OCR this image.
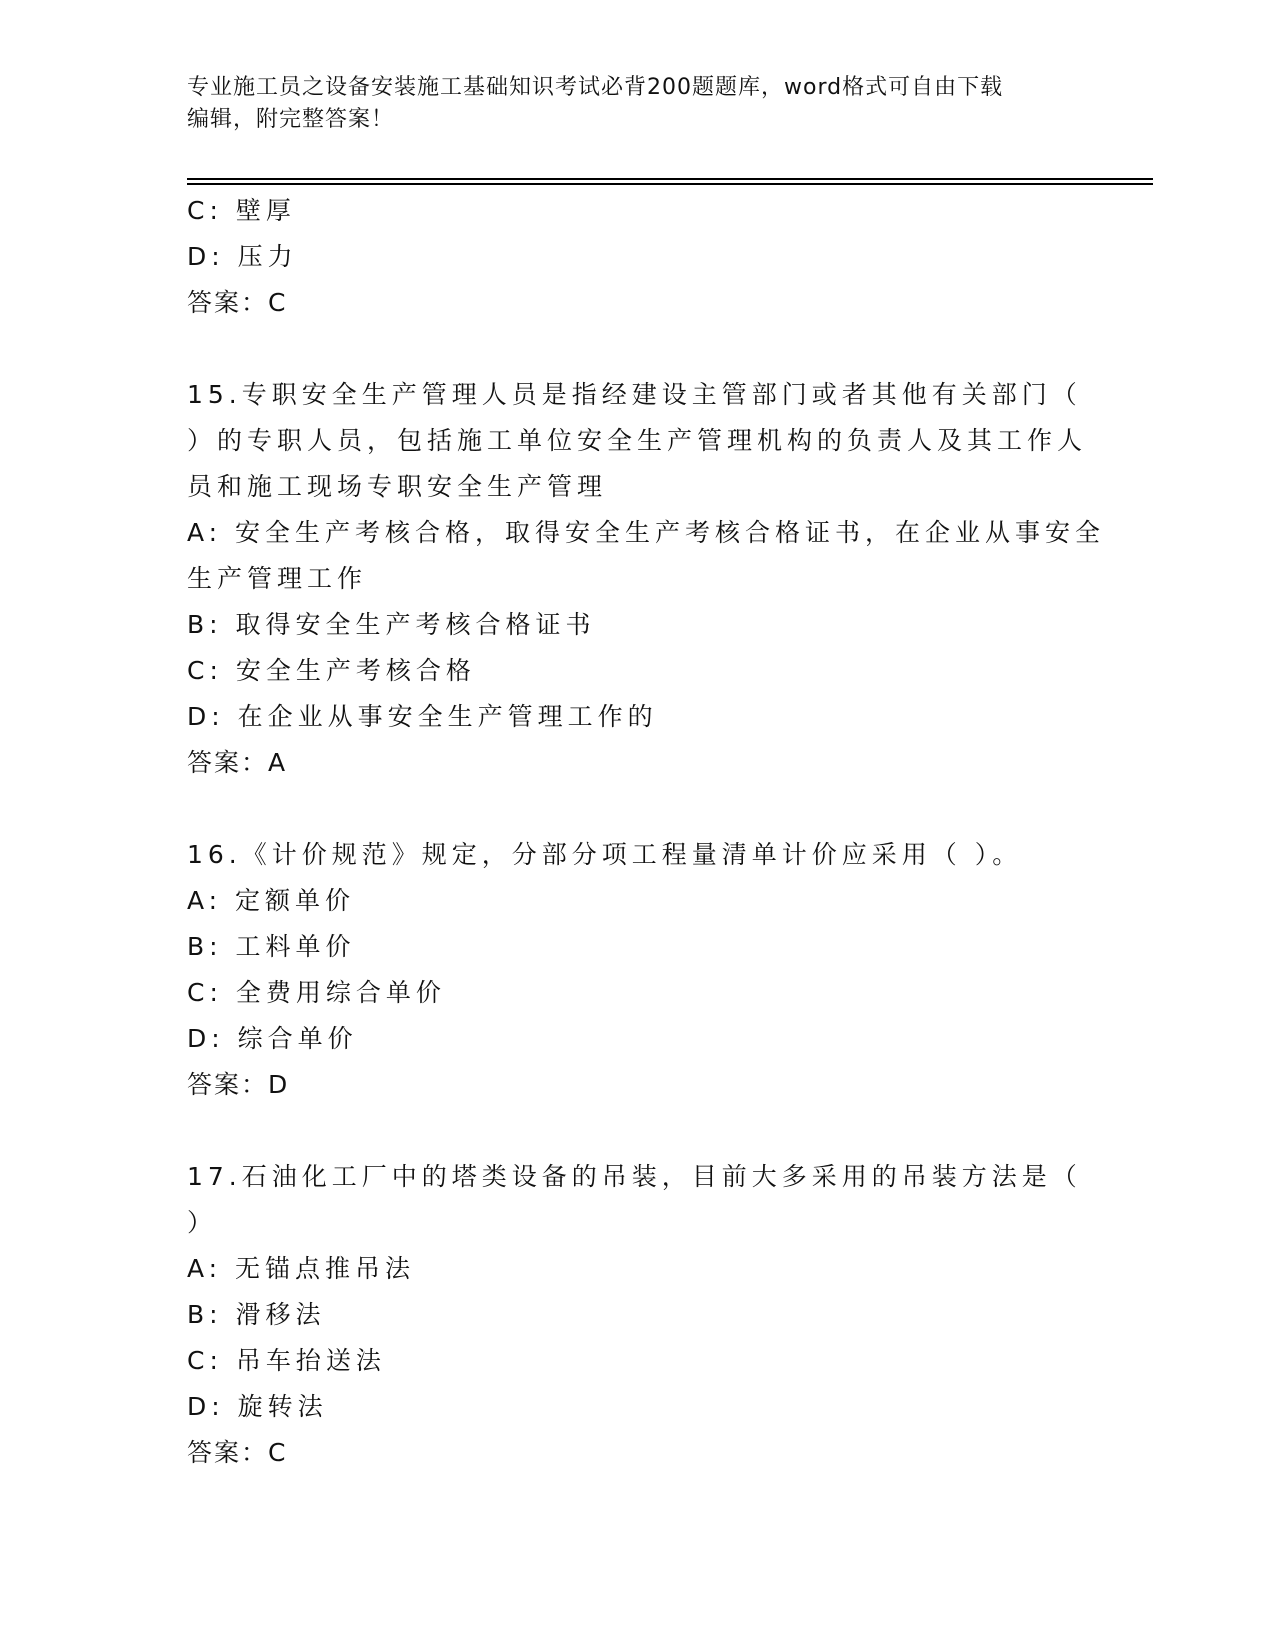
专业施工员之设备安装施工基础知识考试必背200题题库，word格式可自由下载
编辑，附完整答案！
C: 壁厚
D: 压力
答案：C
15.专职安全生产管理人员是指经建设主管部门或者其他有关部门（
）的专职人员，包括施工单位安全生产管理机构的负责人及其工作人
员和施工现场专职安全生产管理
A: 安全生产考核合格，取得安全生产考核合格证书，在企业从事安全
生产管理工作
B: 取得安全生产考核合格证书
C: 安全生产考核合格
D: 在企业从事安全生产管理工作的
答案：A
16.《计价规范》规定，分部分项工程量清单计价应采用（ ）。
A: 定额单价
B: 工料单价
C: 全费用综合单价
D: 综合单价
答案：D
17.石油化工厂中的塔类设备的吊装，目前大多采用的吊装方法是（
）
A: 无锚点推吊法
B: 滑移法
C: 吊车抬送法
D: 旋转法
答案：C
